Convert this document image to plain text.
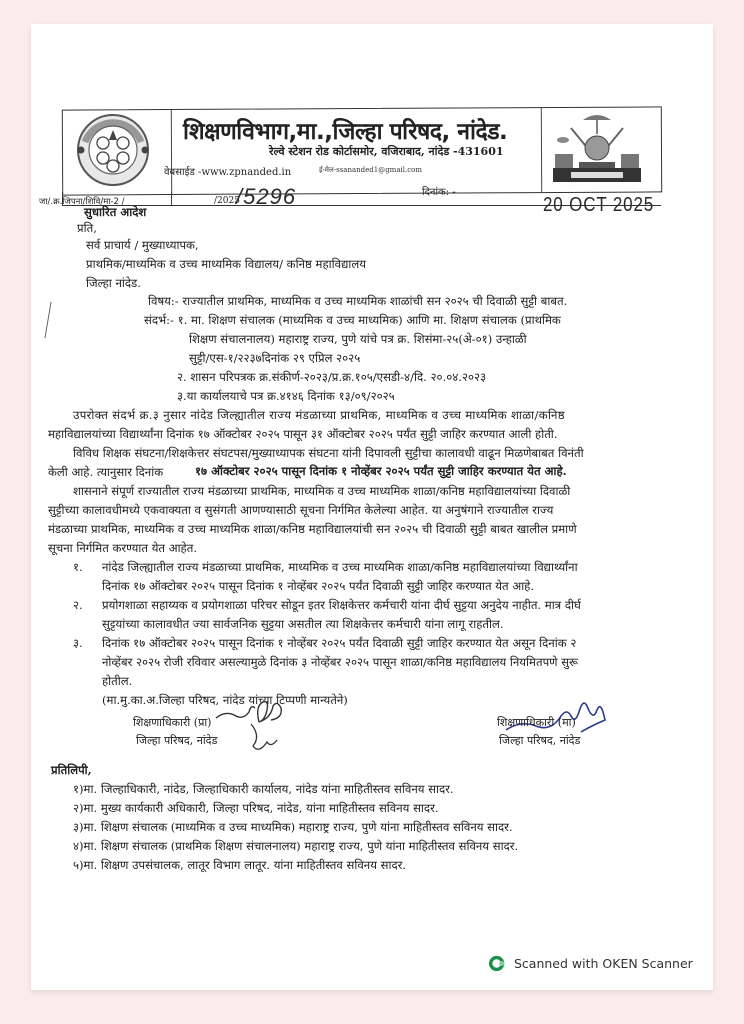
शिक्षणविभाग,मा.,जिल्हा परिषद, नांदेड.
रेल्वे स्टेशन रोड कोर्टासमोर, वजिराबाद, नांदेड -431601
वेबसाईड -www.zpnanded.in	ई-मेल-ssananded1@gmail.com
जा/.क्र.जिपना/शिवि/मा-2 /	/2025
/5296	दिनांक: -
20 OCT 2025
सुधारित आदेश
प्रति,
सर्व प्राचार्य / मुख्याध्यापक,
प्राथमिक/माध्यमिक व उच्च माध्यमिक विद्यालय/ कनिष्ठ महाविद्यालय
जिल्हा नांदेड.
विषय:- राज्यातील प्राथमिक, माध्यमिक व उच्च माध्यमिक शाळांची सन २०२५ ची दिवाळी सुट्टी बाबत.
संदर्भ:- १. मा. शिक्षण संचालक (माध्यमिक व उच्च माध्यमिक) आणि मा. शिक्षण संचालक (प्राथमिक
शिक्षण संचालनालय) महाराष्ट्र राज्य, पुणे यांचे पत्र क्र. शिसंमा-२५(अे-०१) उन्हाळी
सुट्टी/एस-१/२२३७दिनांक २९ एप्रिल २०२५
२. शासन परिपत्रक क्र.संकीर्ण-२०२३/प्र.क्र.१०५/एसडी-४/दि. २०.०४.२०२३
३.या कार्यालयाचे पत्र क्र.४१४६ दिनांक १३/०९/२०२५
उपरोक्त संदर्भ क्र.३ नुसार नांदेड जिल्ह्यातील राज्य मंडळाच्या प्राथमिक, माध्यमिक व उच्च माध्यमिक शाळा/कनिष्ठ
महाविद्यालयांच्या विद्यार्थ्यांना दिनांक १७ ऑक्टोबर २०२५ पासून ३१ ऑक्टोबर २०२५ पर्यंत सुट्टी जाहिर करण्यात आली होती.
विविध शिक्षक संघटना/शिक्षकेत्तर संघटपस/मुख्याध्यापक संघटना यांनी दिपावली सुट्टीचा कालावधी वाढून मिळणेबाबत विनंती
केली आहे. त्यानुसार दिनांक	१७ ऑक्टोबर २०२५ पासून दिनांक १ नोव्हेंबर २०२५ पर्यंत सुट्टी जाहिर करण्यात येत आहे.
शासनाने संपूर्ण राज्यातील राज्य मंडळाच्या प्राथमिक, माध्यमिक व उच्च माध्यमिक शाळा/कनिष्ठ महाविद्यालयांच्या दिवाळी
सुट्टीच्या कालावधीमध्ये एकवाक्यता व सुसंगती आणण्यासाठी सूचना निर्गमित केलेल्या आहेत. या अनुषंगाने राज्यातील राज्य
मंडळाच्या प्राथमिक, माध्यमिक व उच्च माध्यमिक शाळा/कनिष्ठ महाविद्यालयांची सन २०२५ ची दिवाळी सुट्टी बाबत खालील प्रमाणे
सूचना निर्गमित करण्यात येत आहेत.
१. नांदेड जिल्ह्यातील राज्य मंडळाच्या प्राथमिक, माध्यमिक व उच्च माध्यमिक शाळा/कनिष्ठ महाविद्यालयांच्या विद्यार्थ्यांना
दिनांक १७ ऑक्टोबर २०२५ पासून दिनांक १ नोव्हेंबर २०२५ पर्यंत दिवाळी सुट्टी जाहिर करण्यात येत आहे.
२. प्रयोगशाळा सहाय्यक व प्रयोगशाळा परिचर सोडून इतर शिक्षकेत्तर कर्मचारी यांना दीर्घ सुट्टया अनुदेय नाहीत. मात्र दीर्घ
सुट्टयांच्या कालावधीत ज्या सार्वजनिक सुट्टया असतील त्या शिक्षकेत्तर कर्मचारी यांना लागू राहतील.
३. दिनांक १७ ऑक्टोबर २०२५ पासून दिनांक १ नोव्हेंबर २०२५ पर्यंत दिवाळी सुट्टी जाहिर करण्यात येत असून दिनांक २
नोव्हेंबर २०२५ रोजी रविवार असल्यामुळे दिनांक ३ नोव्हेंबर २०२५ पासून शाळा/कनिष्ठ महाविद्यालय नियमितपणे सुरू
होतील.
(मा.मु.का.अ.जिल्हा परिषद, नांदेड यांच्या टिप्पणी मान्यतेने)
शिक्षणाधिकारी (प्रा)
जिल्हा परिषद, नांदेड
शिक्षणाधिकारी (मा)
जिल्हा परिषद, नांदेड
प्रतिलिपी,
१)मा. जिल्हाधिकारी, नांदेड, जिल्हाधिकारी कार्यालय, नांदेड यांना माहितीस्तव सविनय सादर.
२)मा. मुख्य कार्यकारी अधिकारी, जिल्हा परिषद, नांदेड, यांना माहितीस्तव सविनय सादर.
३)मा. शिक्षण संचालक (माध्यमिक व उच्च माध्यमिक) महाराष्ट्र राज्य, पुणे यांना माहितीस्तव सविनय सादर.
४)मा. शिक्षण संचालक (प्राथमिक शिक्षण संचालनालय) महाराष्ट्र राज्य, पुणे यांना माहितीस्तव सविनय सादर.
५)मा. शिक्षण उपसंचालक, लातूर विभाग लातूर. यांना माहितीस्तव सविनय सादर.
Scanned with OKEN Scanner
